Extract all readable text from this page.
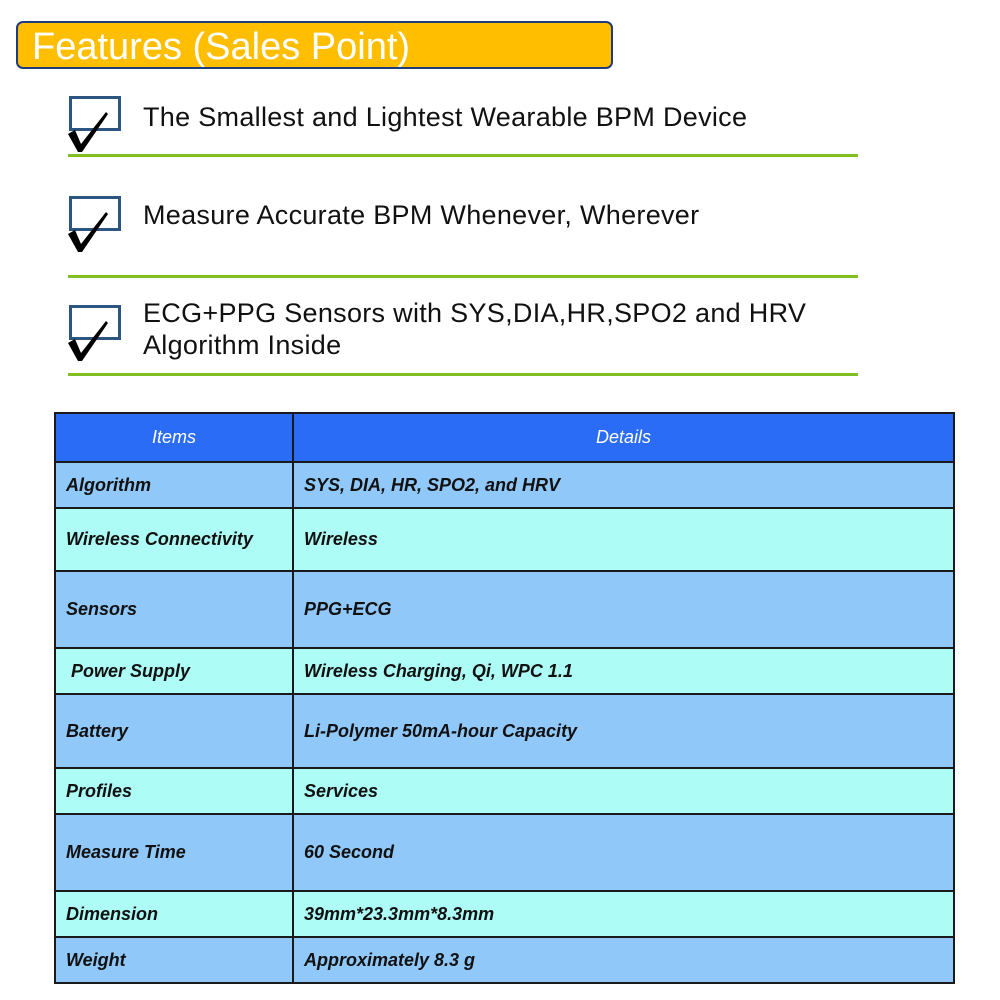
Features (Sales Point)
The Smallest and Lightest Wearable BPM Device
Measure Accurate BPM Whenever, Wherever
ECG+PPG Sensors with SYS,DIA,HR,SPO2 and HRV
Algorithm Inside
Items	Details
Algorithm	SYS, DIA, HR, SPO2, and HRV
Wireless Connectivity	Wireless
Sensors	PPG+ECG
Power Supply	Wireless Charging, Qi, WPC 1.1
Battery	Li-Polymer 50mA-hour Capacity
Profiles	Services
Measure Time	60 Second
Dimension	39mm*23.3mm*8.3mm
Weight	Approximately 8.3 g
